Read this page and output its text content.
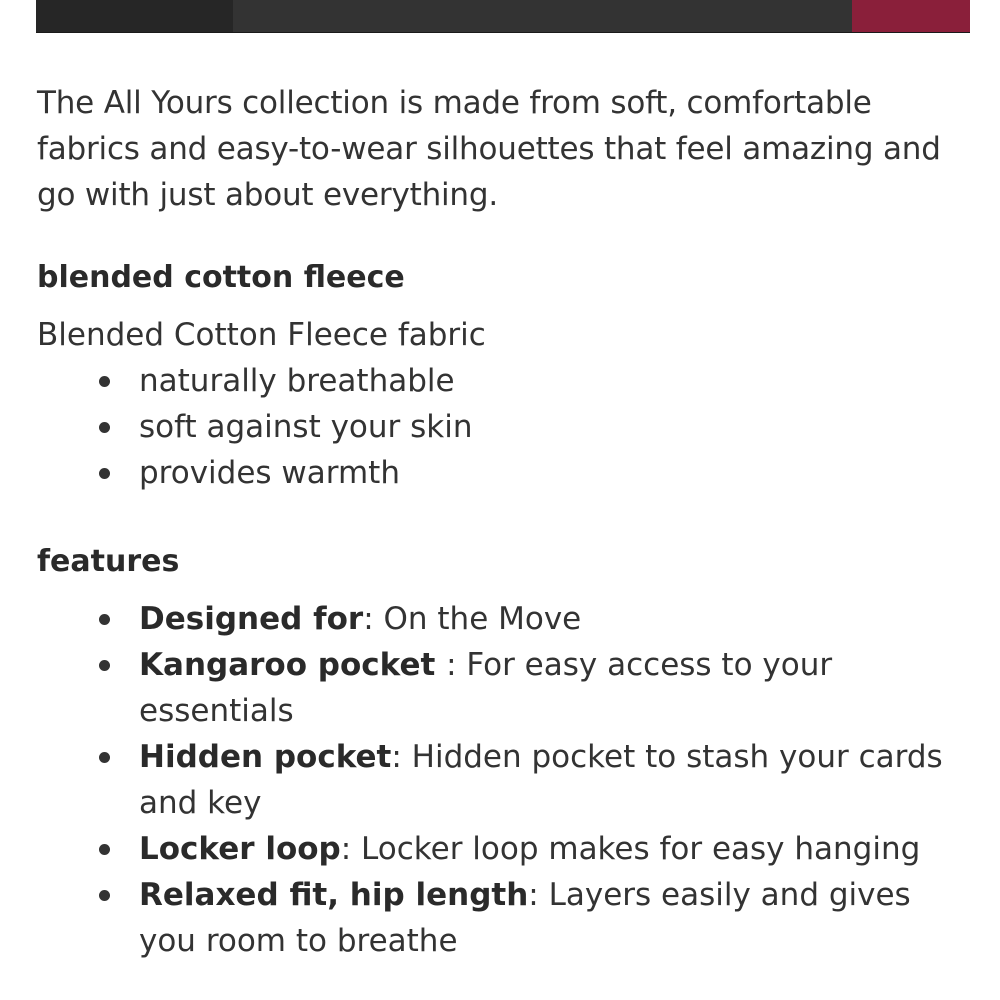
The All Yours collection is made from soft, comfortable fabrics and easy-to-wear silhouettes that feel amazing and go with just about everything.

blended cotton fleece

Blended Cotton Fleece fabric

naturally breathable
soft against your skin
provides warmth
features
Designed for: On the Move
Kangaroo pocket : For easy access to your essentials
Hidden pocket: Hidden pocket to stash your cards and key
Locker loop: Locker loop makes for easy hanging
Relaxed fit, hip length: Layers easily and gives you room to breathe
